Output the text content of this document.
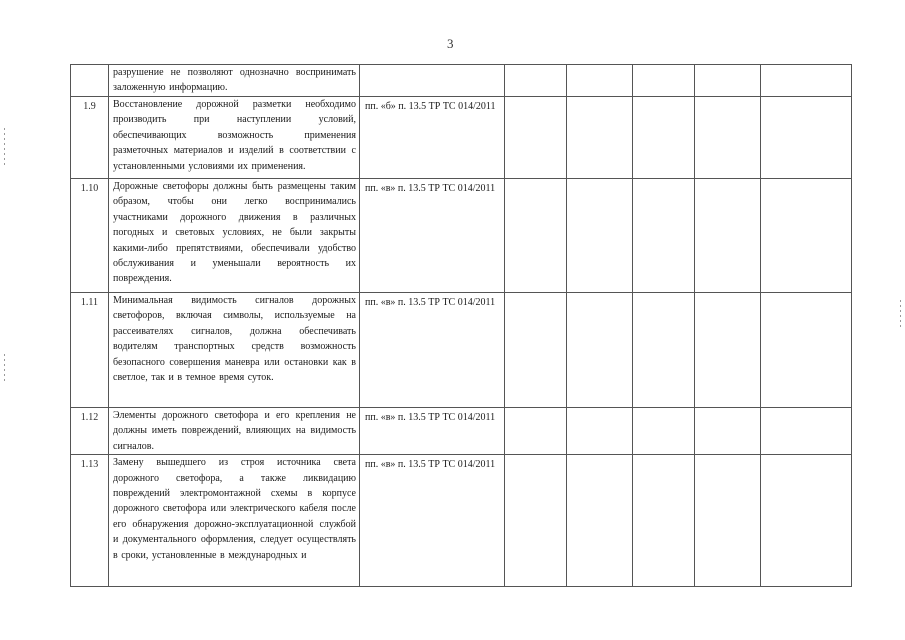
3

	разрушение не позволяют однозначно воспринимать заложенную информацию.						

1.9	Восстановление дорожной разметки необходимо производить при наступлении условий, обеспечивающих возможность применения разметочных материалов и изделий в соответствии с установленными условиями их применения.	пп. «б» п. 13.5 ТР ТС 014/2011					

1.10	Дорожные светофоры должны быть размещены таким образом, чтобы они легко воспринимались участниками дорожного движения в различных погодных и световых условиях, не были закрыты какими-либо препятствиями, обеспечивали удобство обслуживания и уменьшали вероятность их повреждения.	пп. «в» п. 13.5 ТР ТС 014/2011					

1.11	Минимальная видимость сигналов дорожных светофоров, включая символы, используемые на рассеивателях сигналов, должна обеспечивать водителям транспортных средств возможность безопасного совершения маневра или остановки как в светлое, так и в темное время суток.	пп. «в» п. 13.5 ТР ТС 014/2011					

1.12	Элементы дорожного светофора и его крепления не должны иметь повреждений, влияющих на видимость сигналов.	пп. «в» п. 13.5 ТР ТС 014/2011					

1.13	Замену вышедшего из строя источника света дорожного светофора, а также ликвидацию повреждений электромонтажной схемы в корпусе дорожного светофора или электрического кабеля после его обнаружения дорожно-эксплуатационной службой и документального оформления, следует осуществлять в сроки, установленные в международных и	пп. «в» п. 13.5 ТР ТС 014/2011					
